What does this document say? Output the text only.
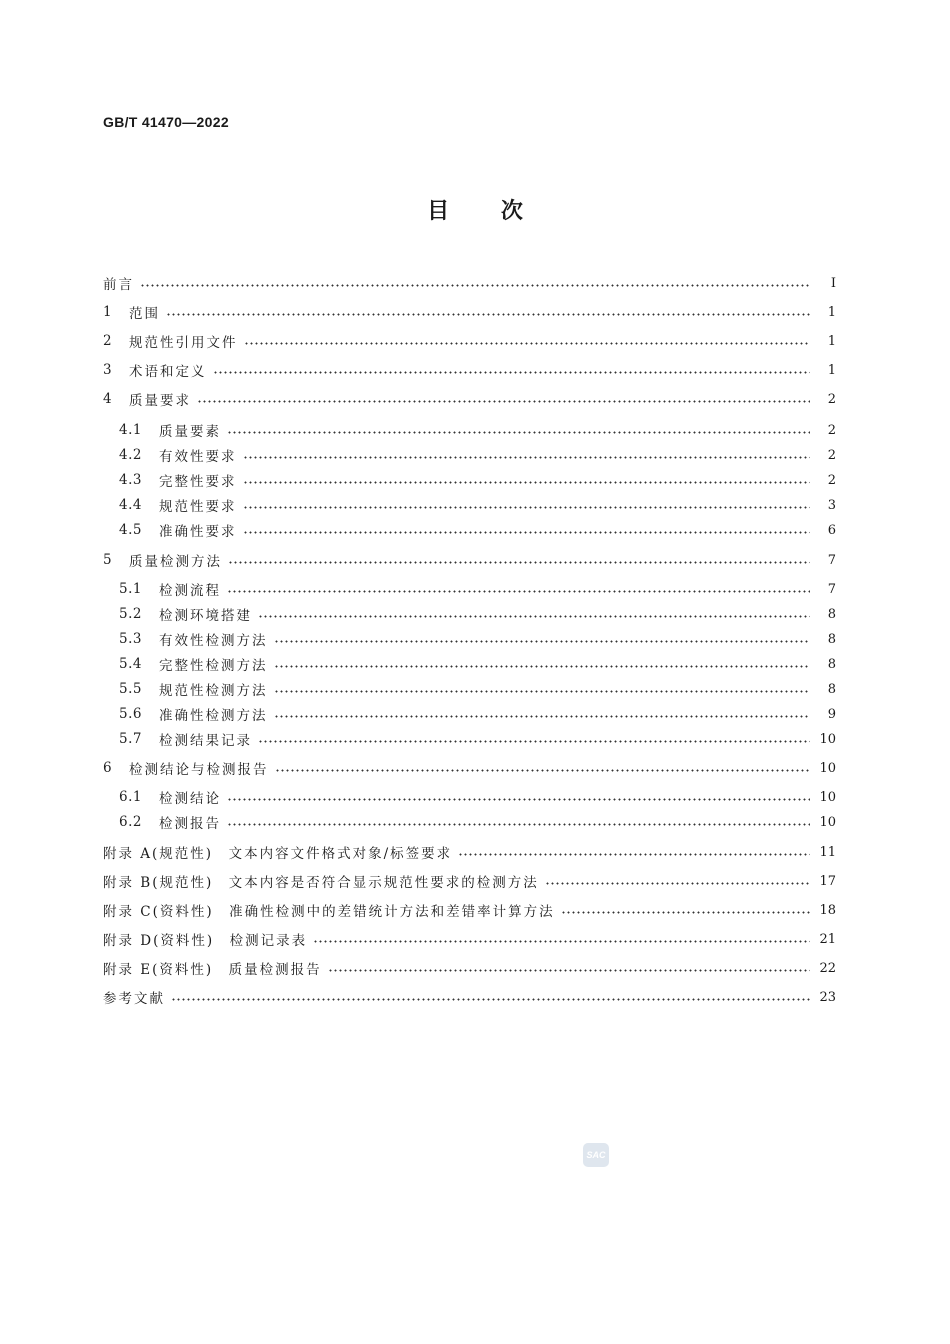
GB/T 41470—2022
目 次
前言	Ⅰ
1	范围	1
2	规范性引用文件	1
3	术语和定义	1
4	质量要求	2
4.1	质量要素	2
4.2	有效性要求	2
4.3	完整性要求	2
4.4	规范性要求	3
4.5	准确性要求	6
5	质量检测方法	7
5.1	检测流程	7
5.2	检测环境搭建	8
5.3	有效性检测方法	8
5.4	完整性检测方法	8
5.5	规范性检测方法	8
5.6	准确性检测方法	9
5.7	检测结果记录	10
6	检测结论与检测报告	10
6.1	检测结论	10
6.2	检测报告	10
附录 A(规范性)　文本内容文件格式对象/标签要求	11
附录 B(规范性)　文本内容是否符合显示规范性要求的检测方法	17
附录 C(资料性)　准确性检测中的差错统计方法和差错率计算方法	18
附录 D(资料性)　检测记录表	21
附录 E(资料性)　质量检测报告	22
参考文献	23
SAC
